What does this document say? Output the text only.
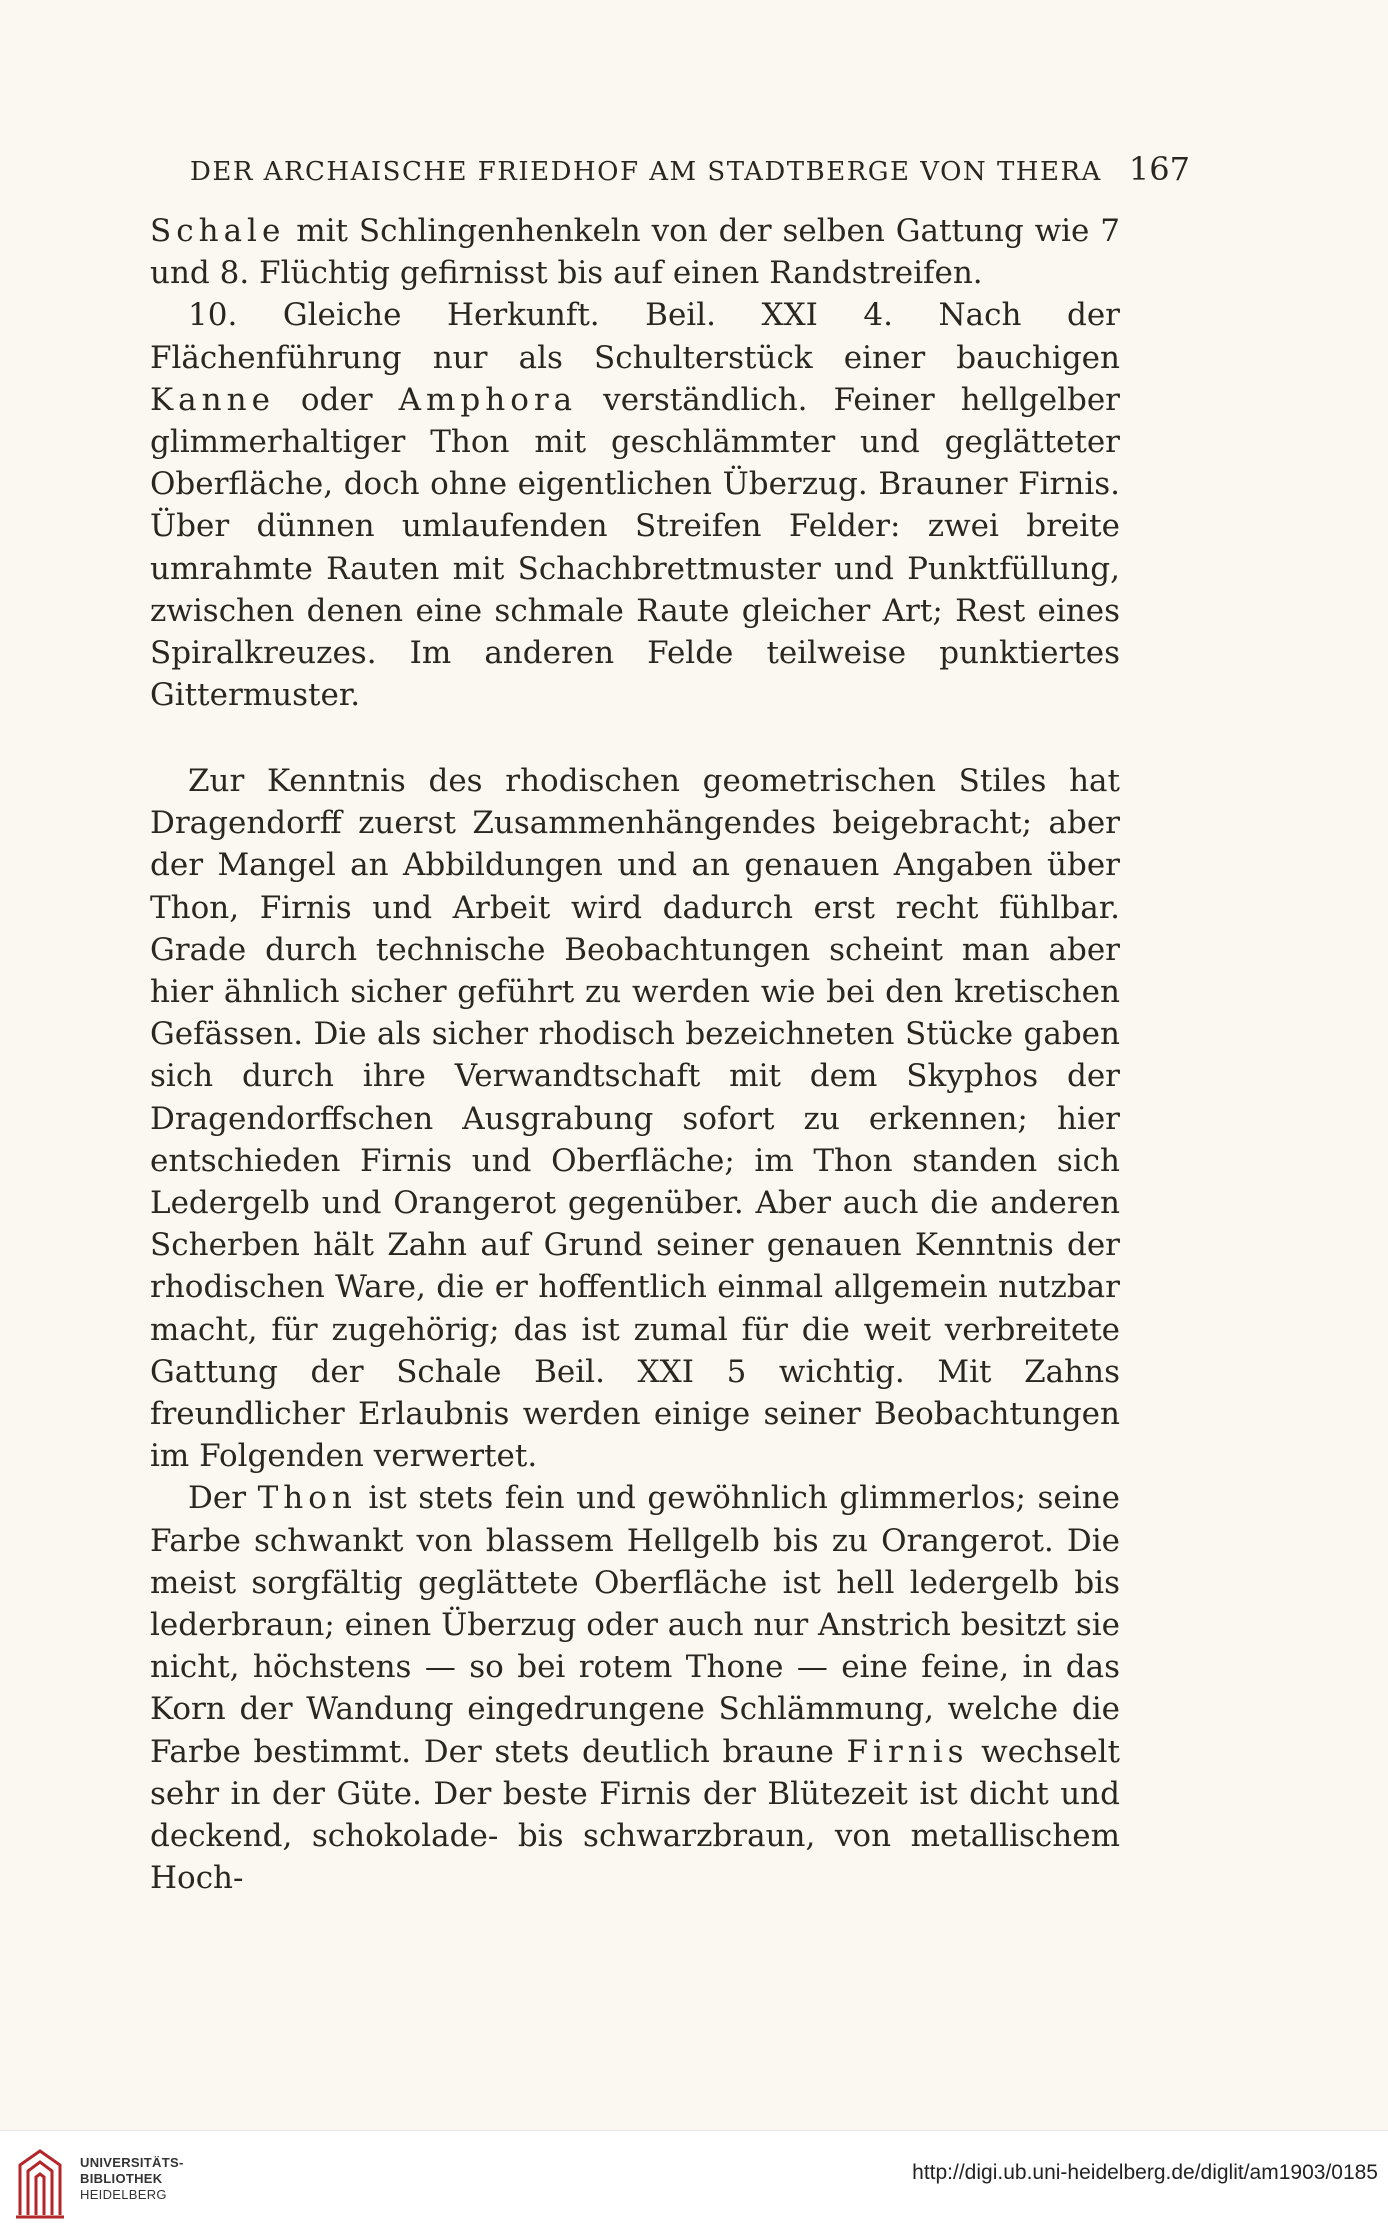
DER ARCHAISCHE FRIEDHOF AM STADTBERGE VON THERA 167

Schale mit Schlingenhenkeln von der selben Gattung wie 7 und 8. Flüchtig gefirnisst bis auf einen Randstreifen.

10. Gleiche Herkunft. Beil. XXI 4. Nach der Flächenführung nur als Schulterstück einer bauchigen Kanne oder Amphora verständlich. Feiner hellgelber glimmerhaltiger Thon mit geschlämmter und geglätteter Oberfläche, doch ohne eigentlichen Überzug. Brauner Firnis. Über dünnen umlaufenden Streifen Felder: zwei breite umrahmte Rauten mit Schachbrettmuster und Punktfüllung, zwischen denen eine schmale Raute gleicher Art; Rest eines Spiralkreuzes. Im anderen Felde teilweise punktiertes Gittermuster.

Zur Kenntnis des rhodischen geometrischen Stiles hat Dragendorff zuerst Zusammenhängendes beigebracht; aber der Mangel an Abbildungen und an genauen Angaben über Thon, Firnis und Arbeit wird dadurch erst recht fühlbar. Grade durch technische Beobachtungen scheint man aber hier ähnlich sicher geführt zu werden wie bei den kretischen Gefässen. Die als sicher rhodisch bezeichneten Stücke gaben sich durch ihre Verwandtschaft mit dem Skyphos der Dragendorffschen Ausgrabung sofort zu erkennen; hier entschieden Firnis und Oberfläche; im Thon standen sich Ledergelb und Orangerot gegenüber. Aber auch die anderen Scherben hält Zahn auf Grund seiner genauen Kenntnis der rhodischen Ware, die er hoffentlich einmal allgemein nutzbar macht, für zugehörig; das ist zumal für die weit verbreitete Gattung der Schale Beil. XXI 5 wichtig. Mit Zahns freundlicher Erlaubnis werden einige seiner Beobachtungen im Folgenden verwertet.

Der Thon ist stets fein und gewöhnlich glimmerlos; seine Farbe schwankt von blassem Hellgelb bis zu Orangerot. Die meist sorgfältig geglättete Oberfläche ist hell ledergelb bis lederbraun; einen Überzug oder auch nur Anstrich besitzt sie nicht, höchstens — so bei rotem Thone — eine feine, in das Korn der Wandung eingedrungene Schlämmung, welche die Farbe bestimmt. Der stets deutlich braune Firnis wechselt sehr in der Güte. Der beste Firnis der Blütezeit ist dicht und deckend, schokolade- bis schwarzbraun, von metallischem Hoch-

UNIVERSITÄTS-
BIBLIOTHEK
HEIDELBERG
http://digi.ub.uni-heidelberg.de/diglit/am1903/0185
